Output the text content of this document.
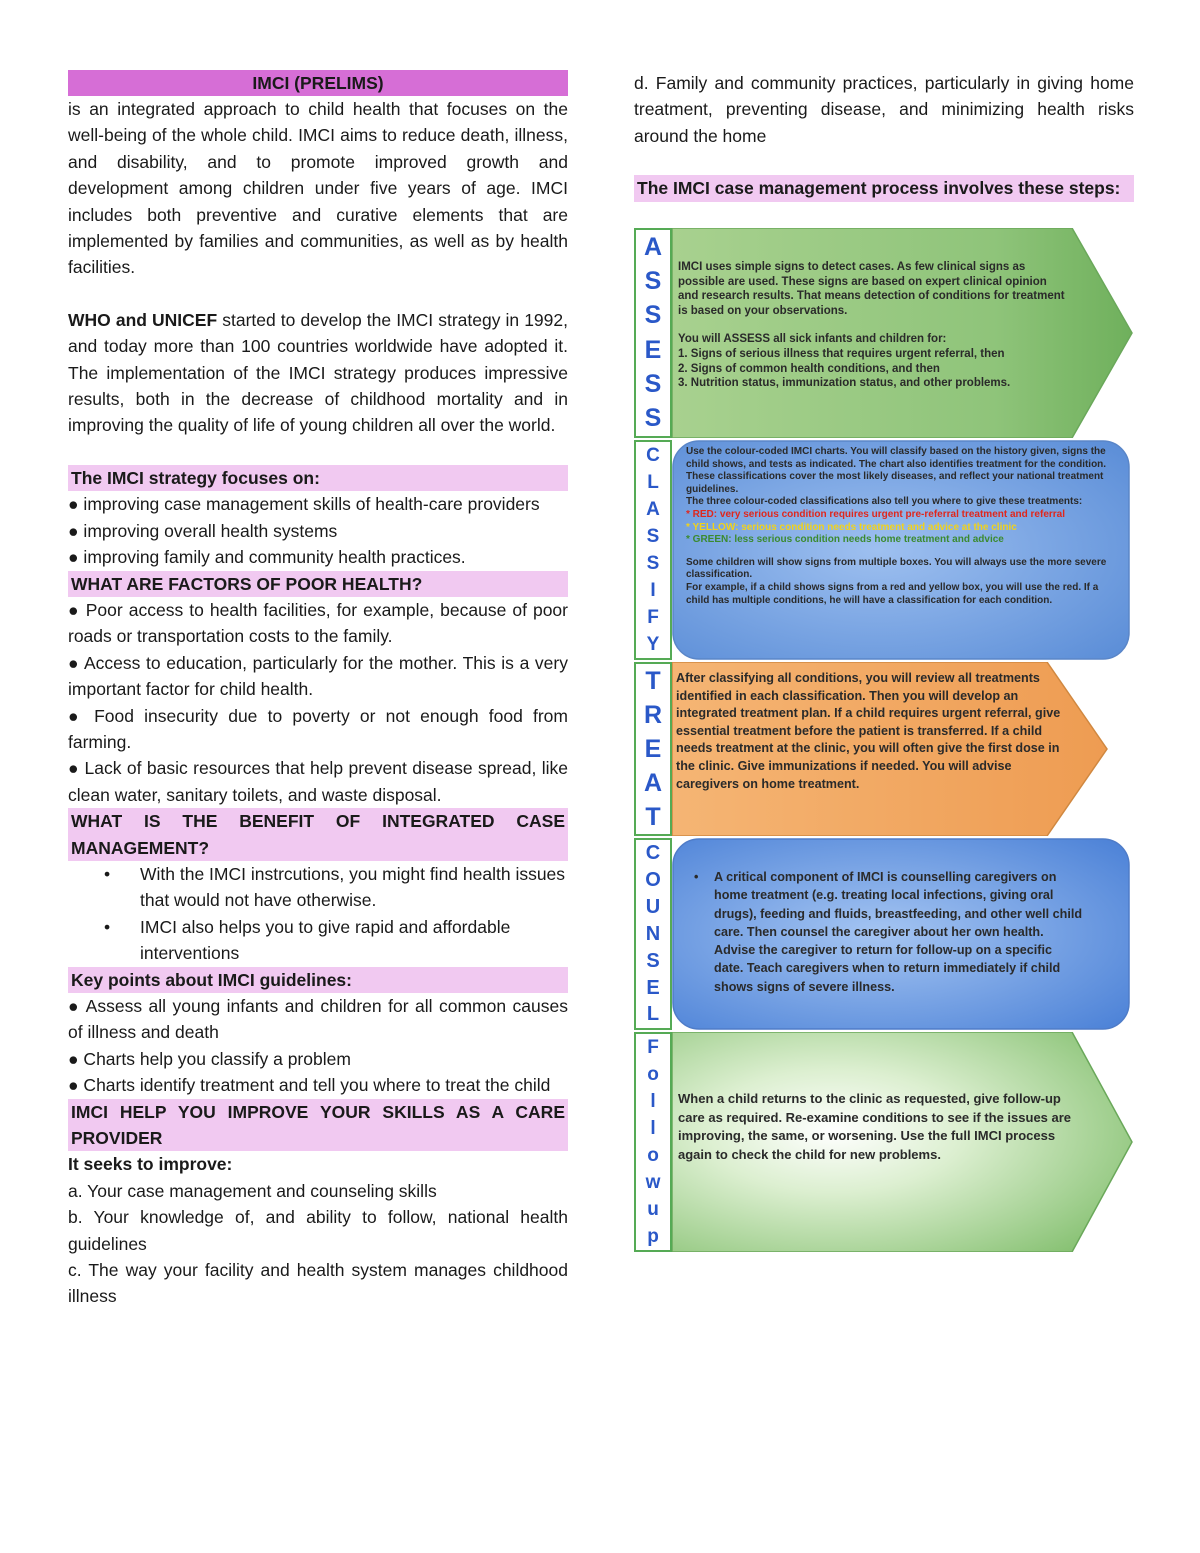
IMCI (PRELIMS)

is an integrated approach to child health that focuses on the well-being of the whole child. IMCI aims to reduce death, illness, and disability, and to promote improved growth and development among children under five years of age. IMCI includes both preventive and curative elements that are implemented by families and communities, as well as by health facilities.

WHO and UNICEF started to develop the IMCI strategy in 1992, and today more than 100 countries worldwide have adopted it. The implementation of the IMCI strategy produces impressive results, both in the decrease of childhood mortality and in improving the quality of life of young children all over the world.

The IMCI strategy focuses on:

● improving case management skills of health-care providers

● improving overall health systems

● improving family and community health practices.

WHAT ARE FACTORS OF POOR HEALTH?

● Poor access to health facilities, for example, because of poor roads or transportation costs to the family.

● Access to education, particularly for the mother. This is a very important factor for child health.

● Food insecurity due to poverty or not enough food from farming.

● Lack of basic resources that help prevent disease spread, like clean water, sanitary toilets, and waste disposal.

WHAT IS THE BENEFIT OF INTEGRATED CASE MANAGEMENT?
• With the IMCI instrcutions, you might find health issues that would not have otherwise.
• IMCI also helps you to give rapid and affordable interventions
Key points about IMCI guidelines:

● Assess all young infants and children for all common causes of illness and death

● Charts help you classify a problem

● Charts identify treatment and tell you where to treat the child

IMCI HELP YOU IMPROVE YOUR SKILLS AS A CARE PROVIDER

It seeks to improve:

a. Your case management and counseling skills

b. Your knowledge of, and ability to follow, national health guidelines

c. The way your facility and health system manages childhood illness

d. Family and community practices, particularly in giving home treatment, preventing disease, and minimizing health risks around the home

The IMCI case management process involves these steps:
A
S
S
E
S
S
IMCI uses simple signs to detect cases. As few clinical signs as possible are used. These signs are based on expert clinical opinion and research results. That means detection of conditions for treatment is based on your observations.
You will ASSESS all sick infants and children for:
1. Signs of serious illness that requires urgent referral, then
2. Signs of common health conditions, and then
3. Nutrition status, immunization status, and other problems.
C
L
A
S
S
I
F
Y
Use the colour-coded IMCI charts. You will classify based on the history given, signs the child shows, and tests as indicated. The chart also identifies treatment for the condition. These classifications cover the most likely diseases, and reflect your national treatment guidelines.
The three colour-coded classifications also tell you where to give these treatments:
* RED: very serious condition requires urgent pre-referral treatment and referral
* YELLOW: serious condition needs treatment and advice at the clinic
* GREEN: less serious condition needs home treatment and advice
Some children will show signs from multiple boxes. You will always use the more severe classification.
For example, if a child shows signs from a red and yellow box, you will use the red. If a child has multiple conditions, he will have a classification for each condition.
T
R
E
A
T
After classifying all conditions, you will review all treatments identified in each classification. Then you will develop an integrated treatment plan. If a child requires urgent referral, give essential treatment before the patient is transferred. If a child needs treatment at the clinic, you will often give the first dose in the clinic. Give immunizations if needed. You will advise caregivers on home treatment.
C
O
U
N
S
E
L
• A critical component of IMCI is counselling caregivers on home treatment (e.g. treating local infections, giving oral drugs), feeding and fluids, breastfeeding, and other well child care. Then counsel the caregiver about her own health. Advise the caregiver to return for follow-up on a specific date. Teach caregivers when to return immediately if child shows signs of severe illness.
F
o
l
l
o
w
u
p
When a child returns to the clinic as requested, give follow-up care as required. Re-examine conditions to see if the issues are improving, the same, or worsening. Use the full IMCI process again to check the child for new problems.
